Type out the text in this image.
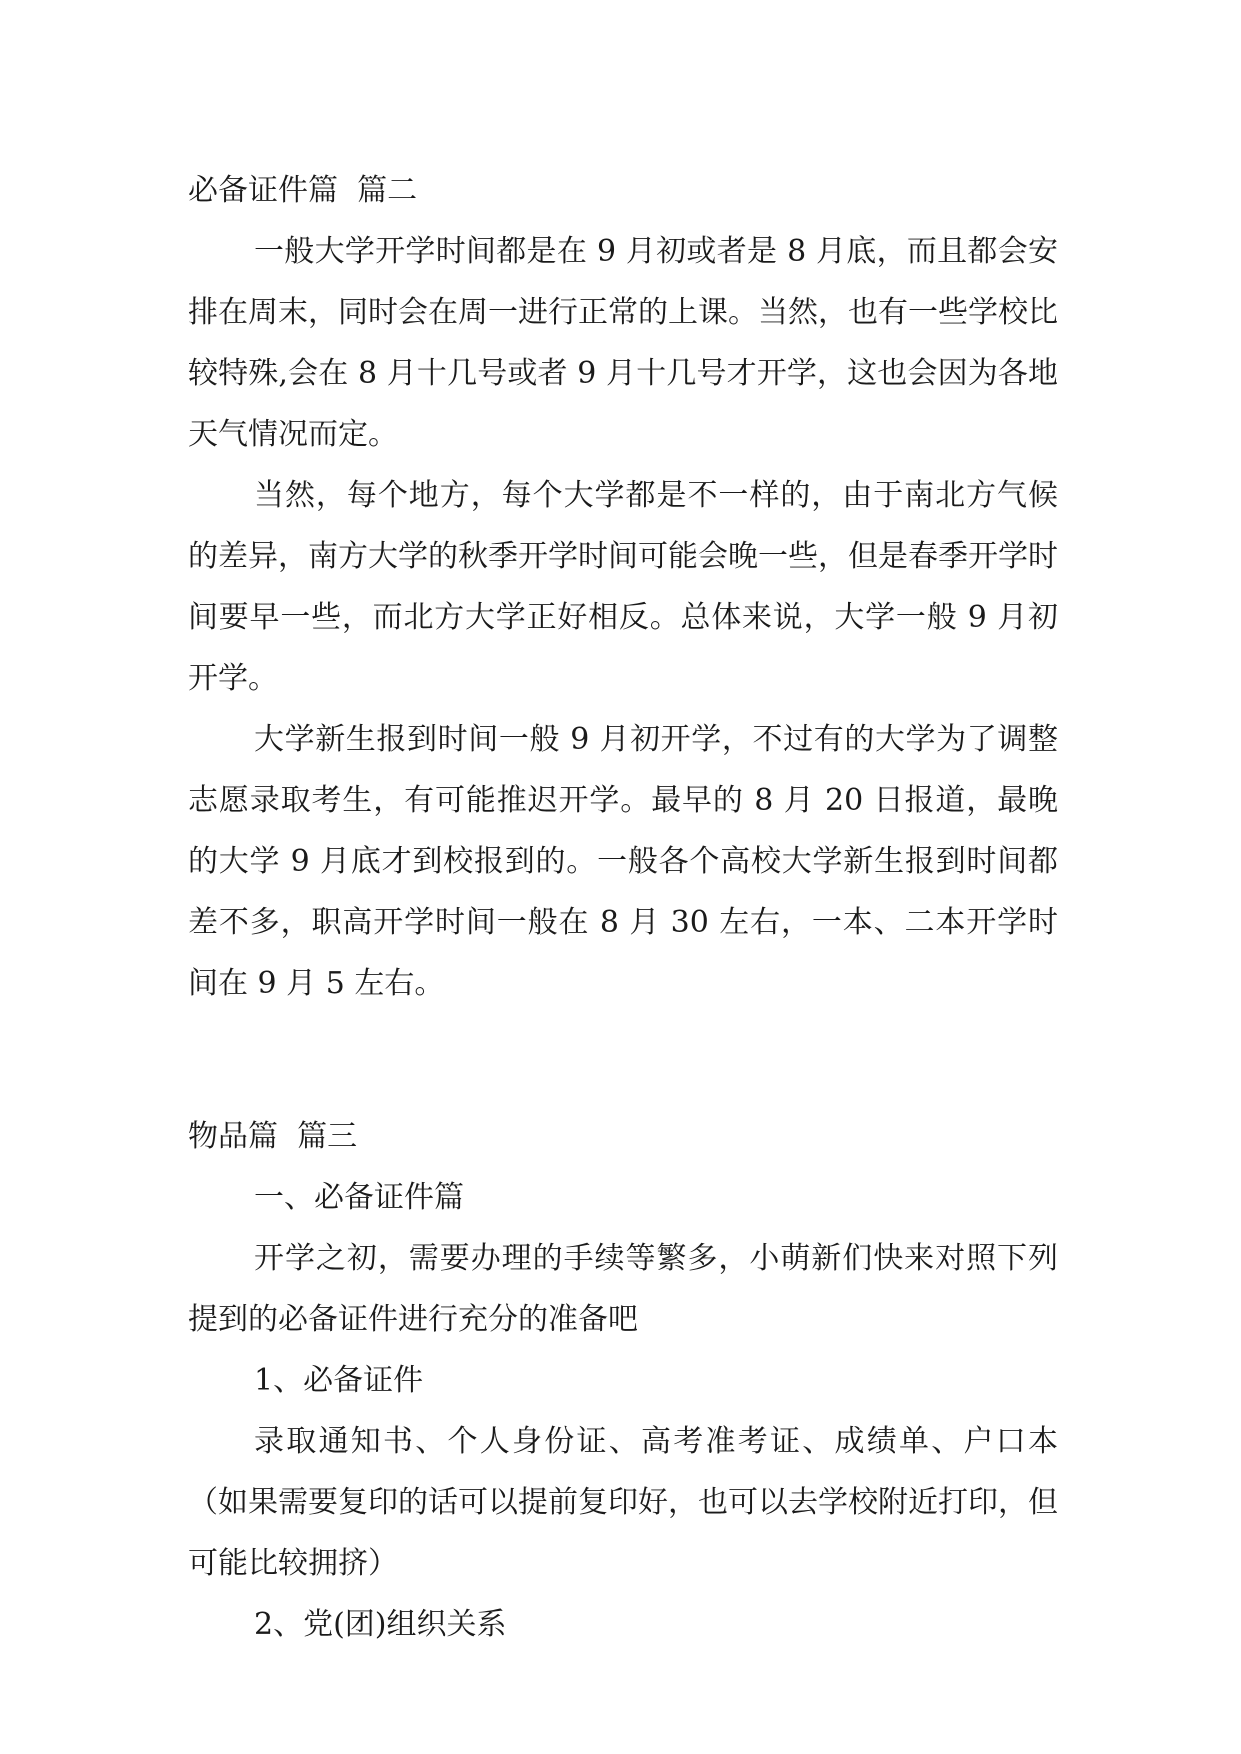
必备证件篇  篇二

一般大学开学时间都是在 9 月初或者是 8 月底，而且都会安排在周末，同时会在周一进行正常的上课。当然，也有一些学校比较特殊,会在 8 月十几号或者 9 月十几号才开学，这也会因为各地天气情况而定。

当然，每个地方，每个大学都是不一样的，由于南北方气候的差异，南方大学的秋季开学时间可能会晚一些，但是春季开学时间要早一些，而北方大学正好相反。总体来说，大学一般 9 月初开学。

大学新生报到时间一般 9 月初开学，不过有的大学为了调整志愿录取考生，有可能推迟开学。最早的 8 月 20 日报道，最晚的大学 9 月底才到校报到的。一般各个高校大学新生报到时间都差不多，职高开学时间一般在 8 月 30 左右，一本、二本开学时间在 9 月 5 左右。

物品篇  篇三

一、必备证件篇

开学之初，需要办理的手续等繁多，小萌新们快来对照下列提到的必备证件进行充分的准备吧

1、必备证件

录取通知书、个人身份证、高考准考证、成绩单、户口本（如果需要复印的话可以提前复印好，也可以去学校附近打印，但可能比较拥挤）

2、党(团)组织关系
